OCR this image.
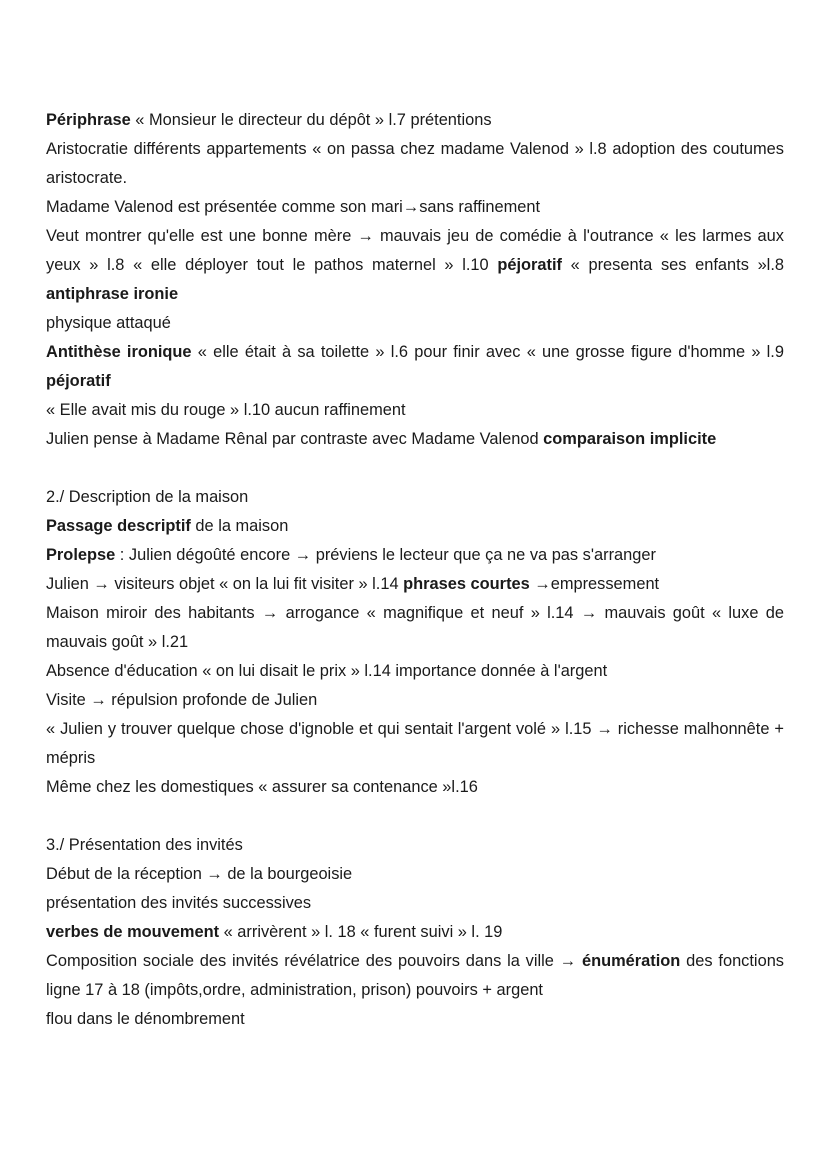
Périphrase « Monsieur le directeur du dépôt » l.7 prétentions
Aristocratie différents appartements « on passa chez madame Valenod » l.8 adoption des coutumes aristocrate.
Madame Valenod est présentée comme son mari→sans raffinement
Veut montrer qu'elle est une bonne mère → mauvais jeu de comédie à l'outrance « les larmes aux yeux » l.8 « elle déployer tout le pathos maternel » l.10 péjoratif « presenta ses enfants »l.8 antiphrase ironie
physique attaqué
Antithèse ironique « elle était à sa toilette » l.6 pour finir avec « une grosse figure d'homme » l.9 péjoratif
« Elle avait mis du rouge » l.10 aucun raffinement
Julien pense à Madame Rênal par contraste avec Madame Valenod comparaison implicite
2./ Description de la maison
Passage descriptif de la maison
Prolepse : Julien dégoûté encore → préviens le lecteur que ça ne va pas s'arranger
Julien → visiteurs objet « on la lui fit visiter » l.14 phrases courtes →empressement
Maison miroir des habitants → arrogance « magnifique et neuf » l.14 → mauvais goût « luxe de mauvais goût » l.21
Absence d'éducation « on lui disait le prix » l.14 importance donnée à l'argent
Visite → répulsion profonde de Julien
« Julien y trouver quelque chose d'ignoble et qui sentait l'argent volé » l.15 → richesse malhonnête + mépris
Même chez les domestiques « assurer sa contenance »l.16
3./ Présentation des invités
Début de la réception → de la bourgeoisie
présentation des invités successives
verbes de mouvement « arrivèrent » l. 18 « furent suivi » l. 19
Composition sociale des invités révélatrice des pouvoirs dans la ville → énumération des fonctions ligne 17 à 18 (impôts,ordre, administration, prison) pouvoirs + argent
flou dans le dénombrement
